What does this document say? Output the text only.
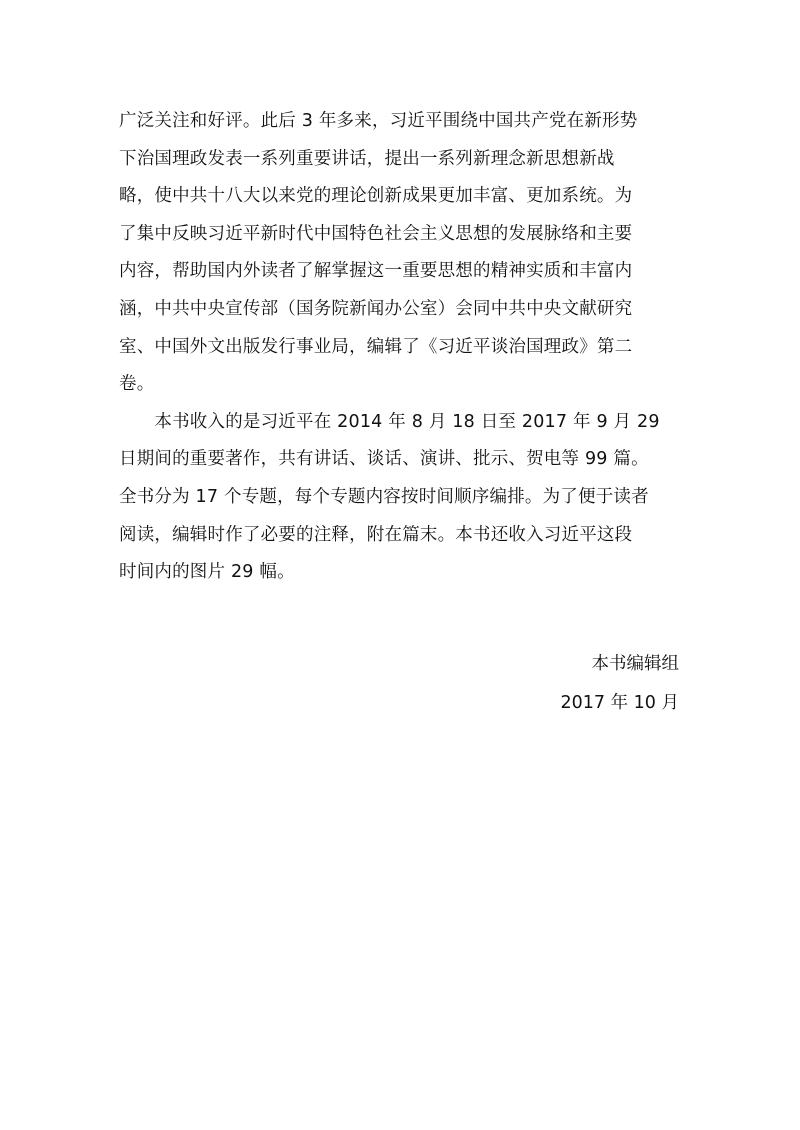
广泛关注和好评。此后 3 年多来，习近平围绕中国共产党在新形势
下治国理政发表一系列重要讲话，提出一系列新理念新思想新战
略，使中共十八大以来党的理论创新成果更加丰富、更加系统。为
了集中反映习近平新时代中国特色社会主义思想的发展脉络和主要
内容，帮助国内外读者了解掌握这一重要思想的精神实质和丰富内
涵，中共中央宣传部（国务院新闻办公室）会同中共中央文献研究
室、中国外文出版发行事业局，编辑了《习近平谈治国理政》第二
卷。
　　本书收入的是习近平在 2014 年 8 月 18 日至 2017 年 9 月 29
日期间的重要著作，共有讲话、谈话、演讲、批示、贺电等 99 篇。
全书分为 17 个专题，每个专题内容按时间顺序编排。为了便于读者
阅读，编辑时作了必要的注释，附在篇末。本书还收入习近平这段
时间内的图片 29 幅。
本书编辑组
2017 年 10 月
